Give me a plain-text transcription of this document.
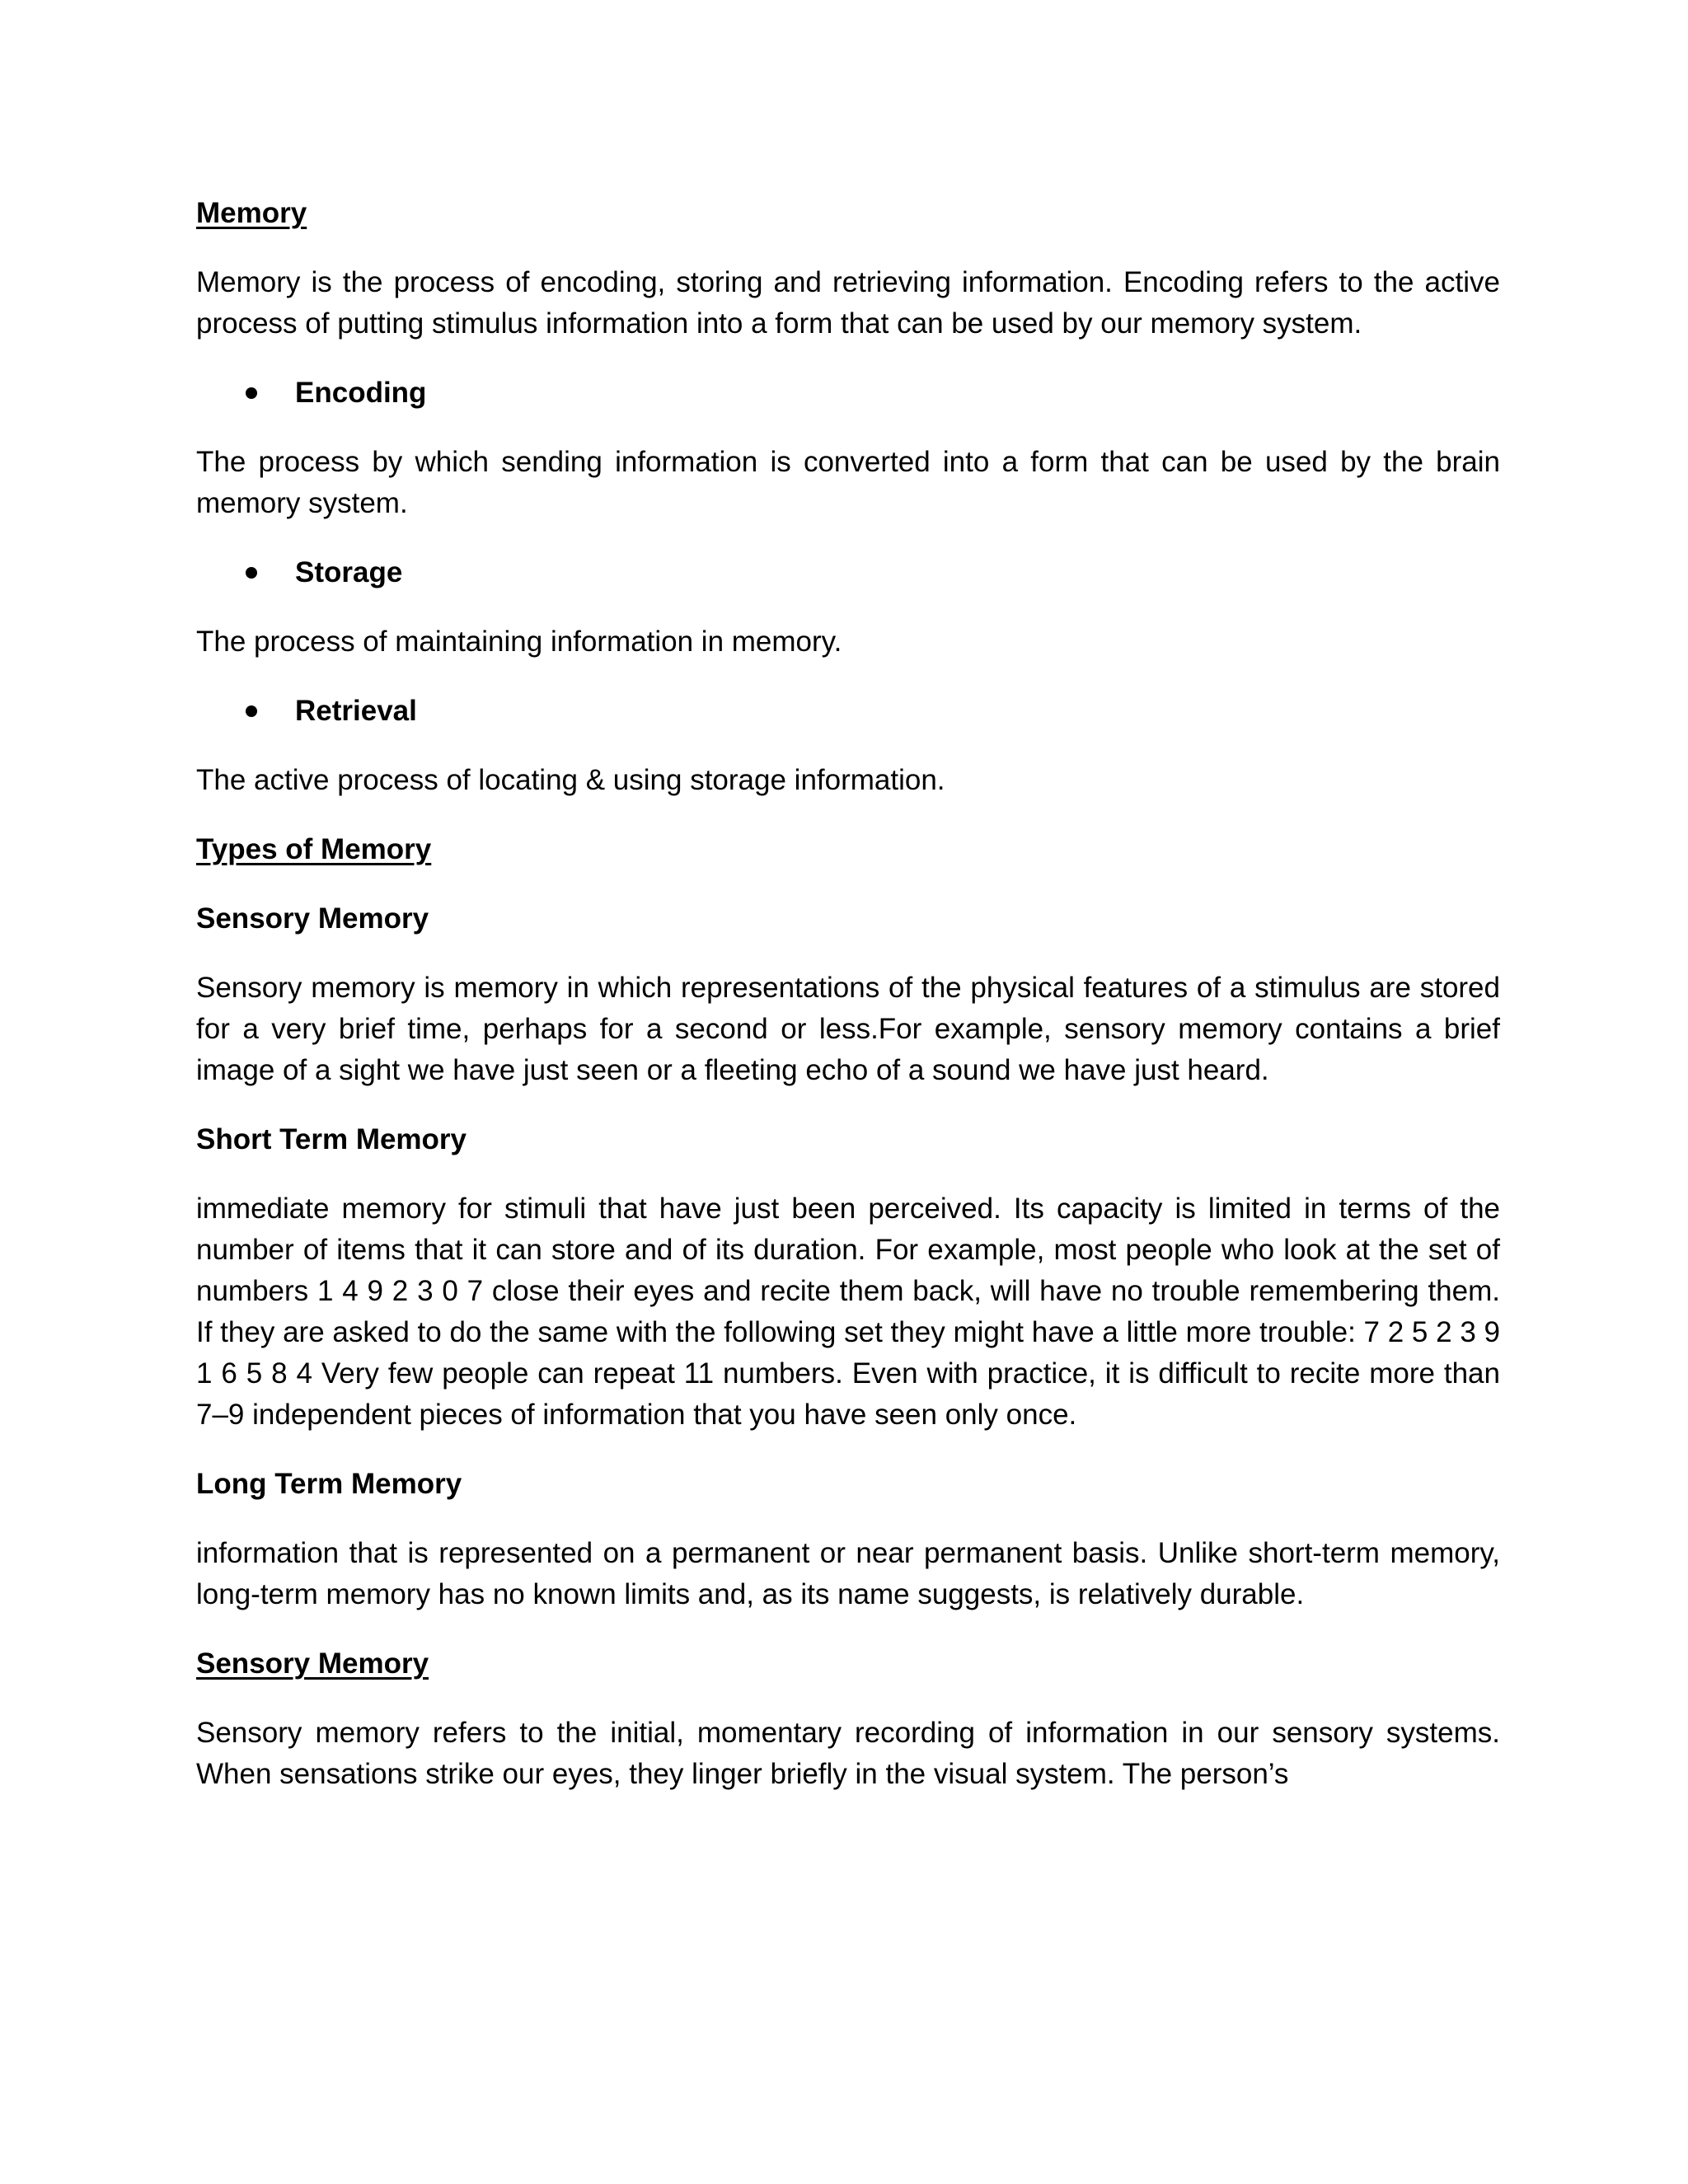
Memory
Memory is the process of encoding, storing and retrieving information. Encoding refers to the active process of putting stimulus information into a form that can be used by our memory system.
Encoding
The process by which sending information is converted into a form that can be used by the brain memory system.
Storage
The process of maintaining information in memory.
Retrieval
The active process of locating & using storage information.
Types of Memory
Sensory Memory
Sensory memory is memory in which representations of the physical features of a stimulus are stored for a very brief time, perhaps for a second or less.For example, sensory memory contains a brief image of a sight we have just seen or a fleeting echo of a sound we have just heard.
Short Term Memory
immediate memory for stimuli that have just been perceived. Its capacity is limited in terms of the number of items that it can store and of its duration. For example, most people who look at the set of numbers 1 4 9 2 3 0 7 close their eyes and recite them back, will have no trouble remembering them. If they are asked to do the same with the following set they might have a little more trouble: 7 2 5 2 3 9 1 6 5 8 4 Very few people can repeat 11 numbers. Even with practice, it is difficult to recite more than 7–9 independent pieces of information that you have seen only once.
Long Term Memory
information that is represented on a permanent or near permanent basis. Unlike short-term memory, long-term memory has no known limits and, as its name suggests, is relatively durable.
Sensory Memory
Sensory memory refers to the initial, momentary recording of information in our sensory systems. When sensations strike our eyes, they linger briefly in the visual system. The person’s
